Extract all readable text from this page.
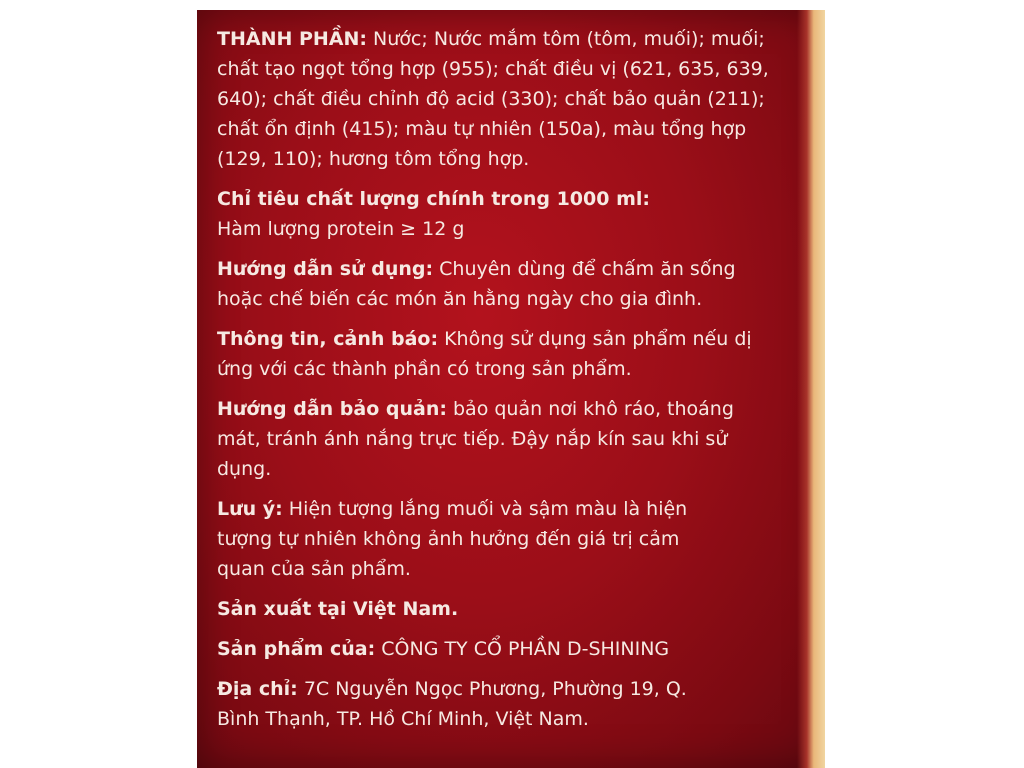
THÀNH PHẦN: Nước; Nước mắm tôm (tôm, muối); muối;
chất tạo ngọt tổng hợp (955); chất điều vị (621, 635, 639,
640); chất điều chỉnh độ acid (330); chất bảo quản (211);
chất ổn định (415); màu tự nhiên (150a), màu tổng hợp
(129, 110); hương tôm tổng hợp.

Chỉ tiêu chất lượng chính trong 1000 ml:
Hàm lượng protein ≥ 12 g

Hướng dẫn sử dụng: Chuyên dùng để chấm ăn sống
hoặc chế biến các món ăn hằng ngày cho gia đình.

Thông tin, cảnh báo: Không sử dụng sản phẩm nếu dị
ứng với các thành phần có trong sản phẩm.

Hướng dẫn bảo quản: bảo quản nơi khô ráo, thoáng
mát, tránh ánh nắng trực tiếp. Đậy nắp kín sau khi sử
dụng.

Lưu ý: Hiện tượng lắng muối và sậm màu là hiện
tượng tự nhiên không ảnh hưởng đến giá trị cảm
quan của sản phẩm.

Sản xuất tại Việt Nam.

Sản phẩm của: CÔNG TY CỔ PHẦN D-SHINING

Địa chỉ: 7C Nguyễn Ngọc Phương, Phường 19, Q.
Bình Thạnh, TP. Hồ Chí Minh, Việt Nam.
